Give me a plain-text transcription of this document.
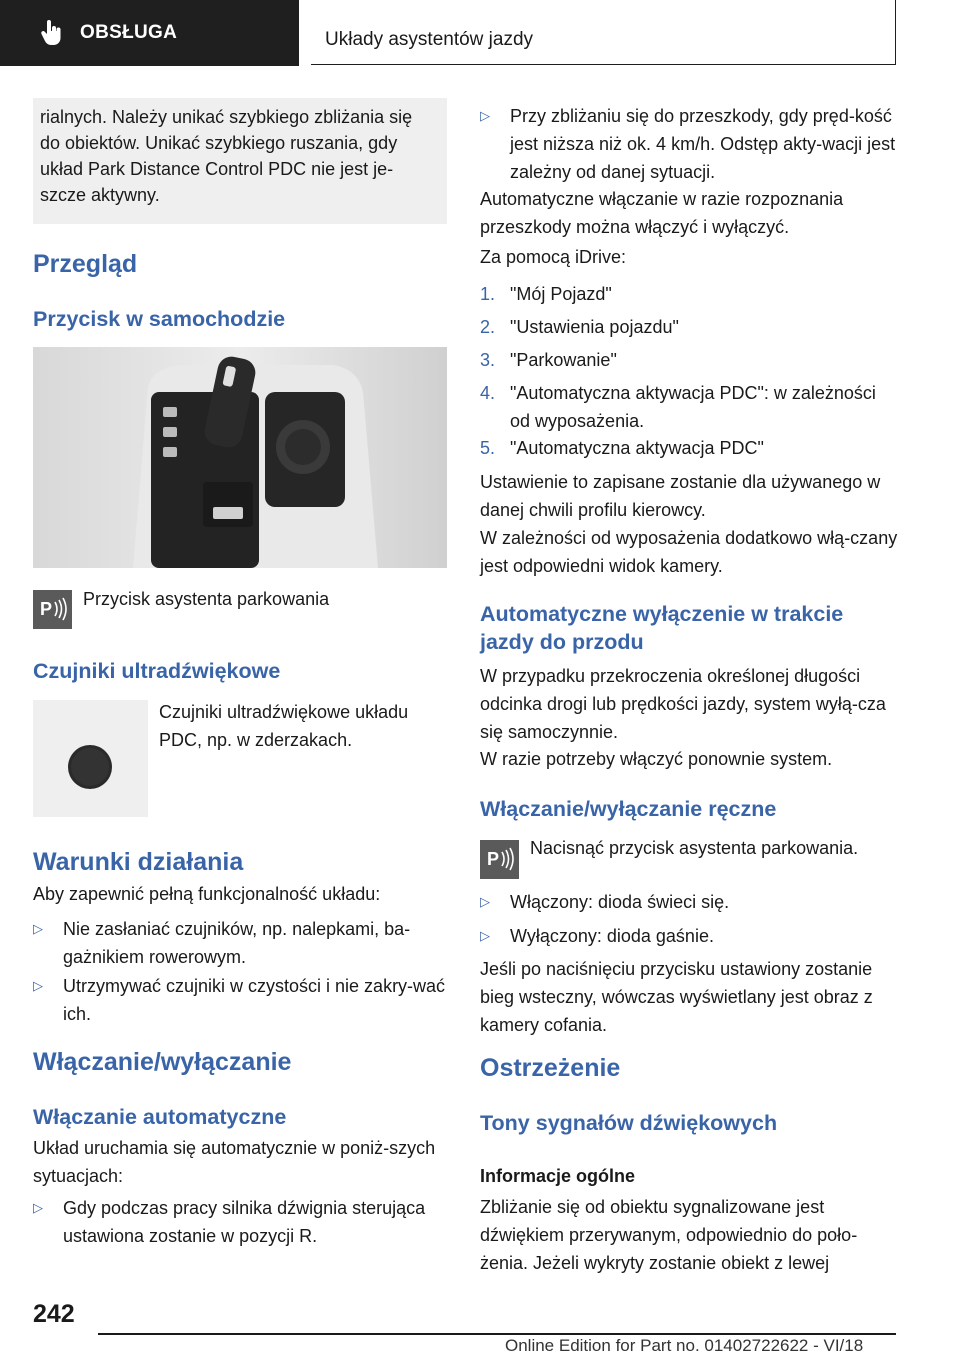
OBSŁUGA	Układy asystentów jazdy

rialnych. Należy unikać szybkiego zbliżania się do obiektów. Unikać szybkiego ruszania, gdy układ Park Distance Control PDC nie jest je-szcze aktywny.

Przegląd
Przycisk w samochodzie
P Przycisk asystenta parkowania
Czujniki ultradźwiękowe
Czujniki ultradźwiękowe układu PDC, np. w zderzakach.
Warunki działania
Aby zapewnić pełną funkcjonalność układu:
▷ Nie zasłaniać czujników, np. nalepkami, ba-gażnikiem rowerowym.
▷ Utrzymywać czujniki w czystości i nie zakry-wać ich.
Włączanie/wyłączanie
Włączanie automatyczne
Układ uruchamia się automatycznie w poniż-szych sytuacjach:
▷ Gdy podczas pracy silnika dźwignia sterująca ustawiona zostanie w pozycji R.
▷ Przy zbliżaniu się do przeszkody, gdy pręd-kość jest niższa niż ok. 4 km/h. Odstęp akty-wacji jest zależny od danej sytuacji.
Automatyczne włączanie w razie rozpoznania przeszkody można włączyć i wyłączyć.
Za pomocą iDrive:
1. "Mój Pojazd"
2. "Ustawienia pojazdu"
3. "Parkowanie"
4. "Automatyczna aktywacja PDC": w zależności od wyposażenia.
5. "Automatyczna aktywacja PDC"
Ustawienie to zapisane zostanie dla używanego w danej chwili profilu kierowcy.
W zależności od wyposażenia dodatkowo włą-czany jest odpowiedni widok kamery.
Automatyczne wyłączenie w trakcie jazdy do przodu
W przypadku przekroczenia określonej długości odcinka drogi lub prędkości jazdy, system wyłą-cza się samoczynnie.
W razie potrzeby włączyć ponownie system.
Włączanie/wyłączanie ręczne
P
Nacisnąć przycisk asystenta parkowania.
▷ Włączony: dioda świeci się.
▷ Wyłączony: dioda gaśnie.
Jeśli po naciśnięciu przycisku ustawiony zostanie bieg wsteczny, wówczas wyświetlany jest obraz z kamery cofania.
Ostrzeżenie
Tony sygnałów dźwiękowych
Informacje ogólne
Zbliżanie się od obiektu sygnalizowane jest dźwiękiem przerywanym, odpowiednio do poło-żenia. Jeżeli wykryty zostanie obiekt z lewej
242
Online Edition for Part no. 01402722622 - VI/18
